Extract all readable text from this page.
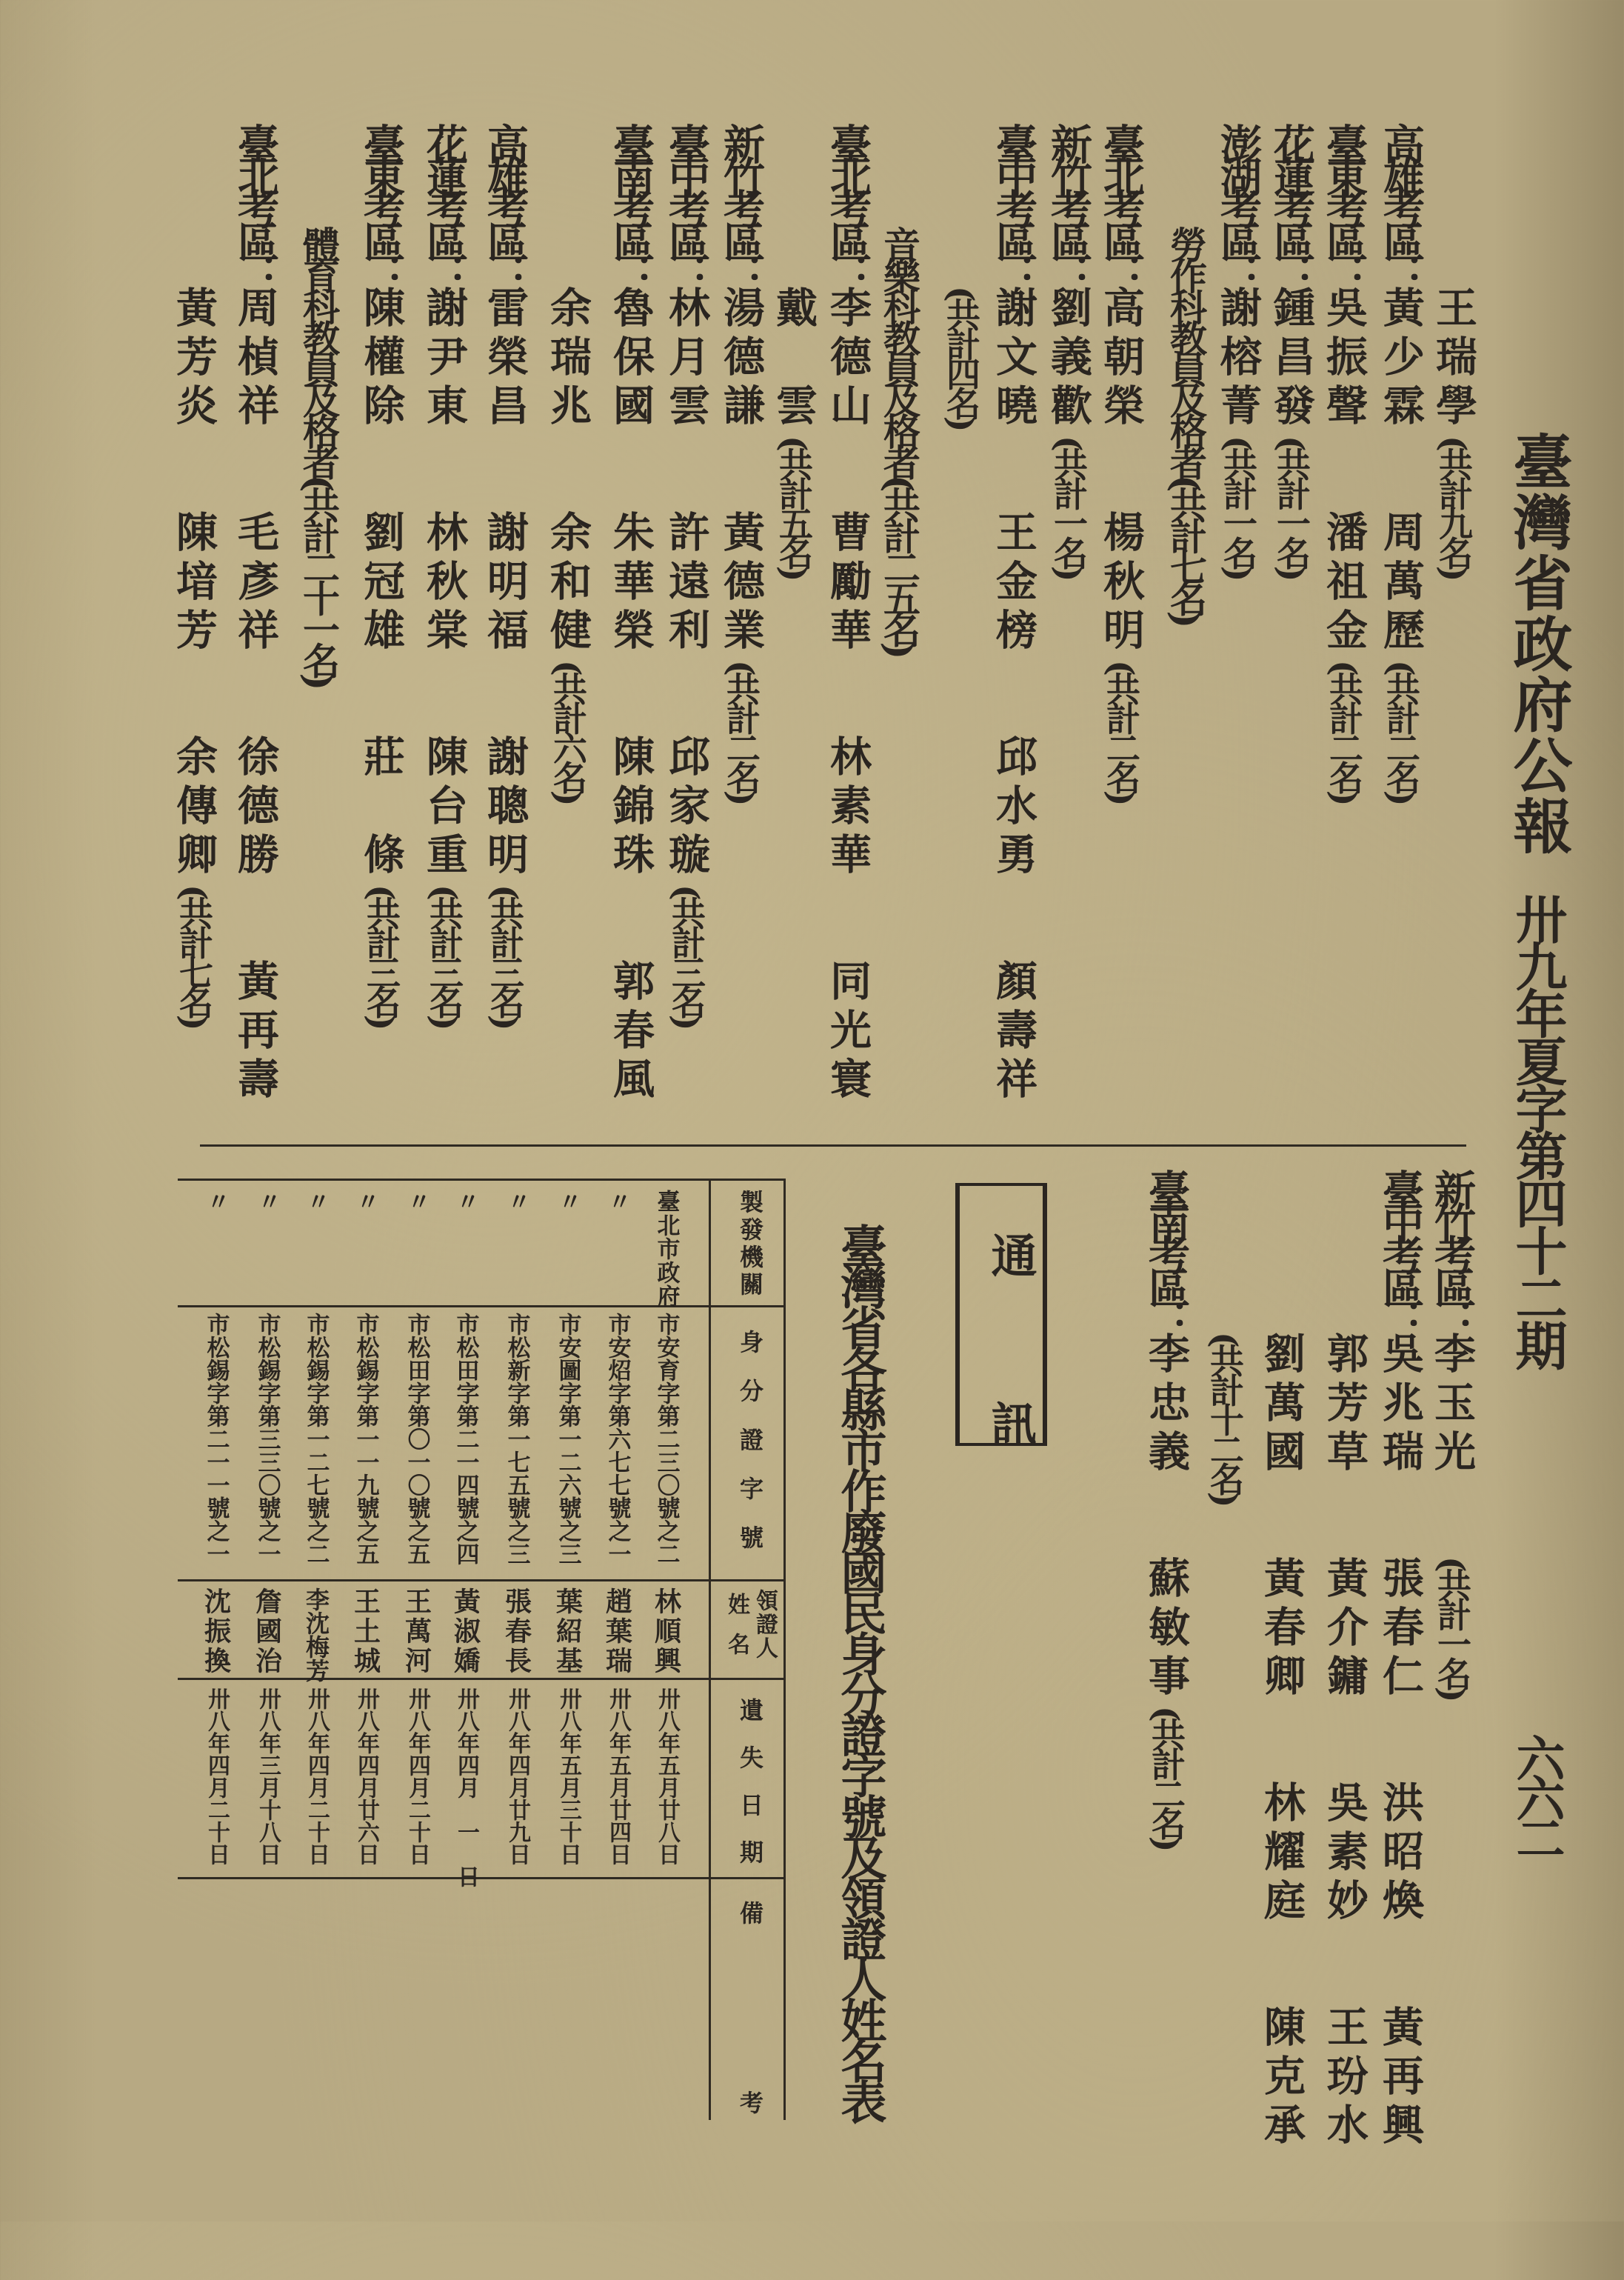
臺灣省政府公報
卅九年夏字第四十二期
六六二
王瑞學
(共計九名)
高雄考區：
黃少霖
周萬歷
(共計二名)
臺東考區：
吳振聲
潘祖金
(共計二名)
花蓮考區：
鍾昌發
(共計一名)
澎湖考區：
謝榕菁
(共計一名)
勞作科教員及格者(共計七名)
臺北考區：
高朝榮
楊秋明
(共計二名)
新竹考區：
劉義歡
(共計一名)
臺中考區：
謝文曉
王金榜
邱水勇
顏壽祥
(共計四名)
音樂科教員及格者(共計二五名)
臺北考區：
李德山
曹勵華
林素華
同光寰
戴　雲
(共計五名)
新竹考區：
湯德謙
黃德業
(共計二名)
臺中考區：
林月雲
許遠利
邱家璇
(共計三名)
臺南考區：
魯保國
朱華榮
陳錦珠
郭春風
余瑞兆
余和健
(共計六名)
高雄考區：
雷榮昌
謝明福
謝聰明
(共計三名)
花蓮考區：
謝尹東
林秋棠
陳台重
(共計三名)
臺東考區：
陳權除
劉冠雄
莊　條
(共計三名)
體育科教員及格者(共計二十一名)
臺北考區：
周楨祥
毛彥祥
徐德勝
黃再壽
黃芳炎
陳堷芳
余傳卿
(共計七名)
新竹考區：
李玉光
(共計一名)
臺中考區：
吳兆瑞
張春仁
洪昭煥
黃再興
郭芳草
黃介鏞
吳素妙
王玢水
劉萬國
黃春卿
林耀庭
陳克承
(共計十二名)
臺南考區：
李忠義
蘇敏事
(共計二名)
通訊
臺灣省各縣市作廢國民身分證字號及領證人姓名表
製發機關
身分證字號
領證人
姓名
遺失日期
備考
臺北市政府
市安育字第二三〇號之二
林順興
卅八年五月廿八日
〃
市安炤字第六七七號之一
趙葉瑞
卅八年五月廿四日
〃
市安圖字第一二六號之三
葉紹基
卅八年五月三十日
〃
市松新字第一七五號之三
張春長
卅八年四月廿九日
〃
市松田字第二一四號之四
黃淑嬌
卅八年四月　一　日
〃
市松田字第〇一〇號之五
王萬河
卅八年四月二十日
〃
市松錫字第一一九號之五
王土城
卅八年四月廿六日
〃
市松錫字第一二七號之二
李沈梅芳
卅八年四月二十日
〃
市松錫字第三三〇號之一
詹國治
卅八年三月十八日
〃
市松錫字第二一一號之一
沈振換
卅八年四月二十日
